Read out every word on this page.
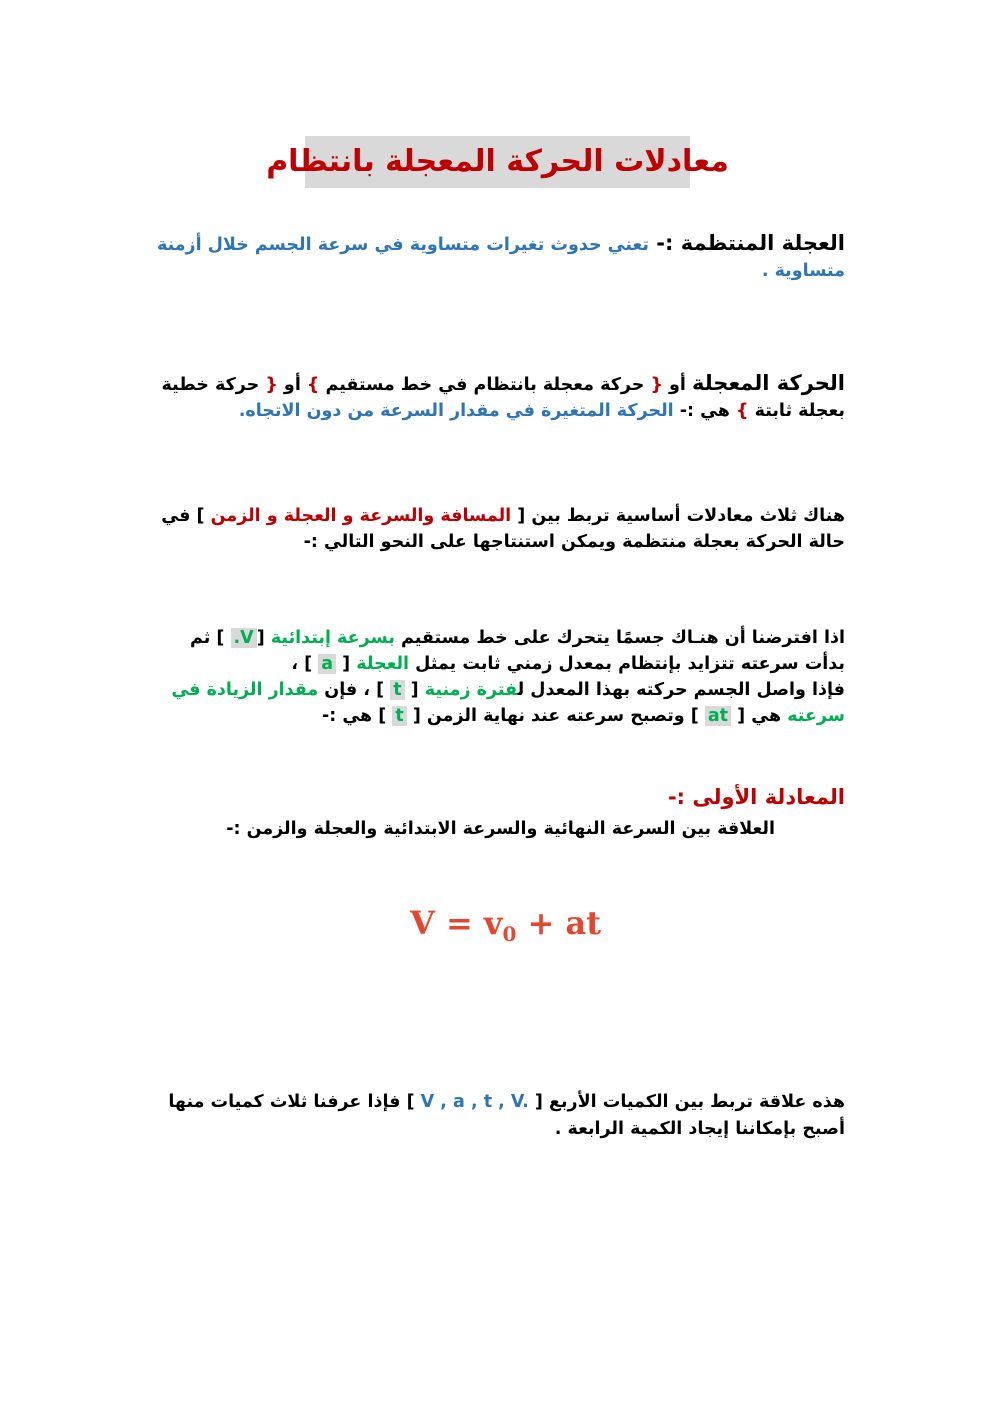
معادلات الحركة المعجلة بانتظام
العجلة المنتظمة :- تعني حدوث تغيرات متساوية في سرعة الجسم خلال أزمنة متساوية .
الحركة المعجلة أو { حركة معجلة بانتظام في خط مستقيم } أو { حركة خطية بعجلة ثابتة } هي :- الحركة المتغيرة في مقدار السرعة من دون الاتجاه.
هناك ثلاث معادلات أساسية تربط بين [ المسافة والسرعة و العجلة و الزمن ] في حالة الحركة بعجلة منتظمة ويمكن استنتاجها على النحو التالي :-
اذا افترضنا أن هنـاك جسمًا يتحرك على خط مستقيم بسرعة إبتدائية [V. ] ثم بدأت سرعته تتزايد بإنتظام بمعدل زمني ثابت يمثل العجلة [ a ] ،
فإذا واصل الجسم حركته بهذا المعدل لفترة زمنية [ t ] ، فإن مقدار الزيادة في سرعته هي [ at ] وتصبح سرعته عند نهاية الزمن [ t ] هي :-
المعادلة الأولى :-
العلاقة بين السرعة النهائية والسرعة الابتدائية والعجلة والزمن :-
$V = v_0$ + at
هذه علاقة تربط بين الكميات الأربع [ V , a , t , V. ] فإذا عرفنا ثلاث كميات منها أصبح بإمكاننا إيجاد الكمية الرابعة .
